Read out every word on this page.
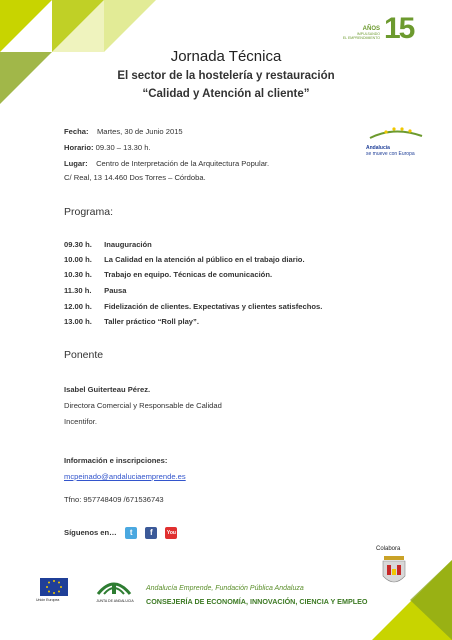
AÑOS
IMPULSANDO
EL EMPRENDIMIENTO 15
Jornada Técnica
El sector de la hostelería y restauración
“Calidad y Atención al cliente”
Andalucía
se mueve con Europa
Fecha: Martes, 30 de Junio 2015
Horario: 09.30 – 13.30 h.
Lugar: Centro de Interpretación de la Arquitectura Popular.
C/ Real, 13 14.460 Dos Torres – Córdoba.
Programa:
09.30 h. Inauguración
10.00 h. La Calidad en la atención al público en el trabajo diario.
10.30 h. Trabajo en equipo. Técnicas de comunicación.
11.30 h. Pausa
12.00 h. Fidelización de clientes. Expectativas y clientes satisfechos.
13.00 h. Taller práctico “Roll play”.
Ponente
Isabel Guiterteau Pérez.
Directora Comercial y Responsable de Calidad
Incentifor.
Información e inscripciones:
mcpeinado@andaluciaemprende.es
Tfno: 957748409 /671536743
Síguenos en… t f	You
Unión Europea	JUNTA DE ANDALUCIA
Andalucía Emprende, Fundación Pública Andaluza
CONSEJERÍA DE ECONOMÍA, INNOVACIÓN, CIENCIA Y EMPLEO
Colabora
